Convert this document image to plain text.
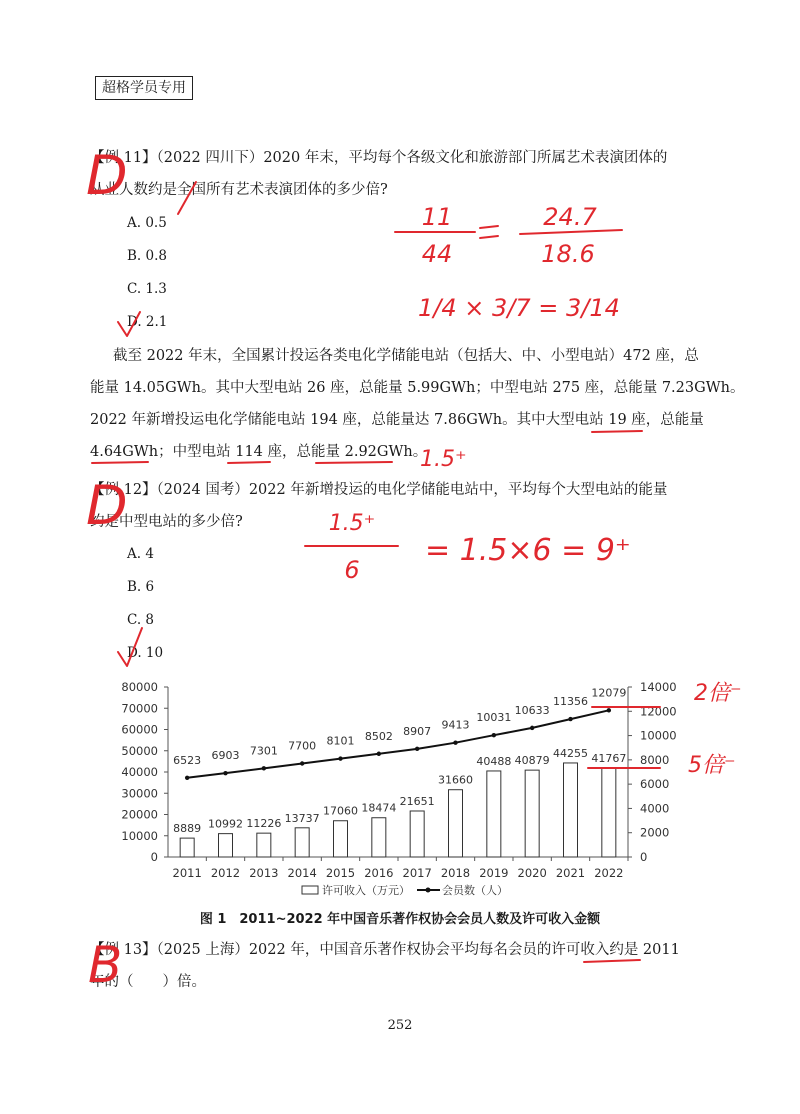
超格学员专用
【例 11】（2022 四川下）2020 年末，平均每个各级文化和旅游部门所属艺术表演团体的
从业人数约是全国所有艺术表演团体的多少倍?
A. 0.5
B. 0.8
C. 1.3
D. 2.1
截至 2022 年末，全国累计投运各类电化学储能电站（包括大、中、小型电站）472 座，总
能量 14.05GWh。其中大型电站 26 座，总能量 5.99GWh；中型电站 275 座，总能量 7.23GWh。
2022 年新增投运电化学储能电站 194 座，总能量达 7.86GWh。其中大型电站 19 座，总能量
4.64GWh；中型电站 114 座，总能量 2.92GWh。
【例 12】（2024 国考）2022 年新增投运的电化学储能电站中，平均每个大型电站的能量
约是中型电站的多少倍?
A. 4
B. 6
C. 8
D. 10
0
10000
20000
30000
40000
50000
60000
70000
80000
0
2000
4000
6000
8000
10000
12000
14000
2011 2012 2013 2014 2015 2016 2017 2018 2019 2020 2021 2022
8889
6523
10992
6903
11226
7301
13737
7700
17060
8101
18474
8502
21651
8907
31660
9413
40488
10031
40879
10633
44255
11356
41767
12079
许可收入（万元）	会员数（人）
图 1　2011~2022 年中国音乐著作权协会会员人数及许可收入金额
【例 13】（2025 上海）2022 年，中国音乐著作权协会平均每名会员的许可收入约是 2011
年的（　　）倍。
252
D
11
44
24.7
18.6
1/4 × 3/7 = 3/14
1.5⁺
D	1.5⁺
6
= 1.5×6 = 9⁺
2倍⁻
5倍⁻
B
